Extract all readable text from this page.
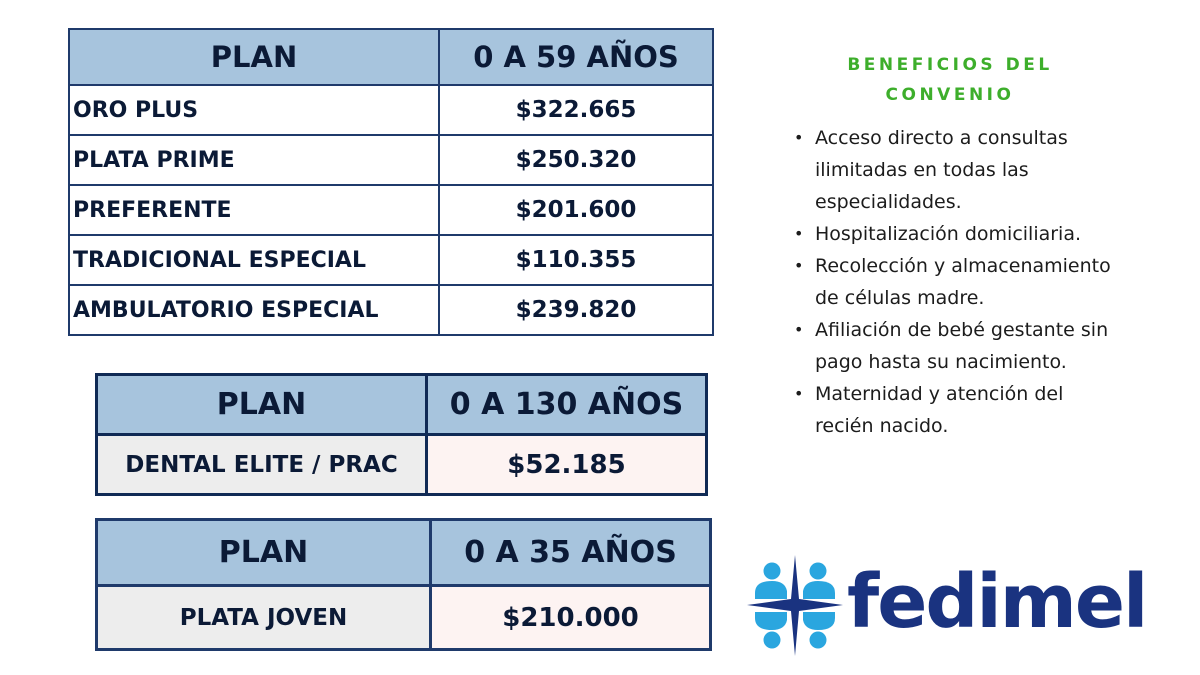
PLAN	0 A 59 AÑOS
ORO PLUS	$322.665
PLATA PRIME	$250.320
PREFERENTE	$201.600
TRADICIONAL ESPECIAL	$110.355
AMBULATORIO ESPECIAL	$239.820
PLAN	0 A 130 AÑOS
DENTAL ELITE / PRAC	$52.185
PLAN	0 A 35 AÑOS
PLATA JOVEN	$210.000
BENEFICIOS DEL
CONVENIO
• Acceso directo a consultas ilimitadas en todas las especialidades.
• Hospitalización domiciliaria.
• Recolección y almacenamiento de células madre.
• Afiliación de bebé gestante sin pago hasta su nacimiento.
• Maternidad y atención del recién nacido.
fedimel
